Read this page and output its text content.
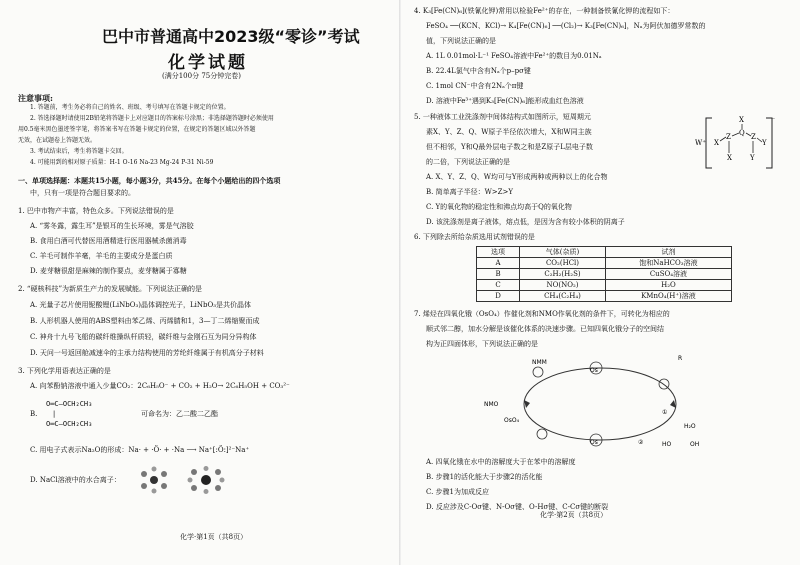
巴中市普通高中2023级“零诊”考试
化学试题
(满分100分 75分钟完卷)
注意事项:
1. 答题前，考生务必将自己的姓名、班级、考号填写在答题卡规定的位置。
2. 答选择题时请使用2B铅笔将答题卡上对应题目的答案标号涂黑；非选择题答题时必须使用
用0.5毫米黑色墨迹签字笔，将答案书写在答题卡规定的位置，在规定的答题区域以外答题
无效，在试题卷上答题无效。
3. 考试结束后，考生将答题卡交回。
4. 可能用到的相对原子质量：H-1 O-16 Na-23 Mg-24 P-31 Ni-59
一、单项选择题：本题共15小题，每小题3分，共45分。在每个小题给出的四个选项
中，只有一项是符合题目要求的。
1. 巴中市物产丰富，特色众多。下列说法错误的是
A. “雾冬露，露生耳”是银耳的生长环境，雾是气溶胶
B. 食用白酒可代替医用酒精进行医用器械杀菌消毒
C. 羊毛可制作羊毫，羊毛的主要成分是蛋白质
D. 麦芽糖很甜是麻辣的制作要点，麦芽糖属于寡糖
2. “硬核科技”为新质生产力的发展赋能。下列说法正确的是
A. 光量子芯片使用铌酸锂(LiNbO₃)晶体调控光子，LiNbO₃是共价晶体
B. 人形机器人使用的ABS塑料由苯乙烯、丙烯腈和1，3—丁二烯缩聚而成
C. 神舟十九号飞船的碳纤维操纵杆质轻，碳纤维与金刚石互为同分异构体
D. 天问一号返回舱减速伞的主承力结构使用的芳纶纤维属于有机高分子材料
3. 下列化学用语表达正确的是
A. 向苯酚钠溶液中通入少量CO₂：2C₆H₅O⁻ + CO₂ + H₂O→ 2C₆H₅OH + CO₃²⁻
O═C—OCH₂CH₃
B. |
O═C—OCH₂CH₃
可命名为：乙二酸二乙酯
C. 用电子式表示Na₂O的形成：Na· + ·Ö· + ·Na ⟶ Na⁺[:Ö:]²⁻Na⁺
D. NaCl溶液中的水合离子：
化学·第1页（共8页）
4. K₃[Fe(CN)₆](铁氰化钾)常用以检验Fe²⁺的存在，一种制备铁氰化钾的流程如下：
FeSO₄ ──(KCN、KCl)→ K₄[Fe(CN)₆] ──(Cl₂)→ K₃[Fe(CN)₆]，Nₐ为阿伏加德罗常数的
值，下列说法正确的是
A. 1L 0.01mol·L⁻¹ FeSO₄溶液中Fe²⁺的数目为0.01Nₐ
B. 22.4L氯气中含有Nₐ个p–pσ键
C. 1mol CN⁻中含有2Nₐ个π键
D. 溶液中Fe³⁺遇到K₃[Fe(CN)₆]能形成血红色溶液
5. 一种液体工业洗涤剂中间体结构式如图所示，短周期元
素X、Y、Z、Q、W原子半径依次增大，X和W同主族
但不相邻，Y和Q最外层电子数之和是Z原子L层电子数
的二倍，下列说法正确的是
A. X、Y、Z、Q、W均可与Y形成两种或两种以上的化合物
B. 简单离子半径：W>Z>Y
C. Y的氧化物的稳定性和沸点均高于Q的氧化物
D. 该洗涤剂是离子液体，熔点低，是因为含有较小体积的阴离子
W⁺ X
Z Q Z
Y
X
X	Y
⁻
6. 下列除去所给杂质选用试剂错误的是
选项	气体(杂质)	试剂
A	CO₂(HCl)	饱和NaHCO₃溶液
B	C₂H₂(H₂S)	CuSO₄溶液
C	NO(NO₂)	H₂O
D	CH₄(C₂H₄)	KMnO₄(H⁺)溶液
7. 烯烃在四氧化锇（OsO₄）作催化剂和NMO作氧化剂的条件下，可转化为相应的
顺式邻二醇，加水分解是该催化体系的决速步骤。已知四氧化锇分子的空间结
构为正四面体形，下列说法正确的是
NMM
NMO
H₂O
OsO₄
R
Os
Os	HO	OH
①
②
A. 四氧化锇在水中的溶解度大于在苯中的溶解度
B. 步骤1的活化能大于步骤2的活化能
C. 步骤1为加成反应
D. 反应涉及C-Oσ键、N-Oσ键、O-Hσ键、C-Cσ键的断裂
化学·第2页（共8页）
